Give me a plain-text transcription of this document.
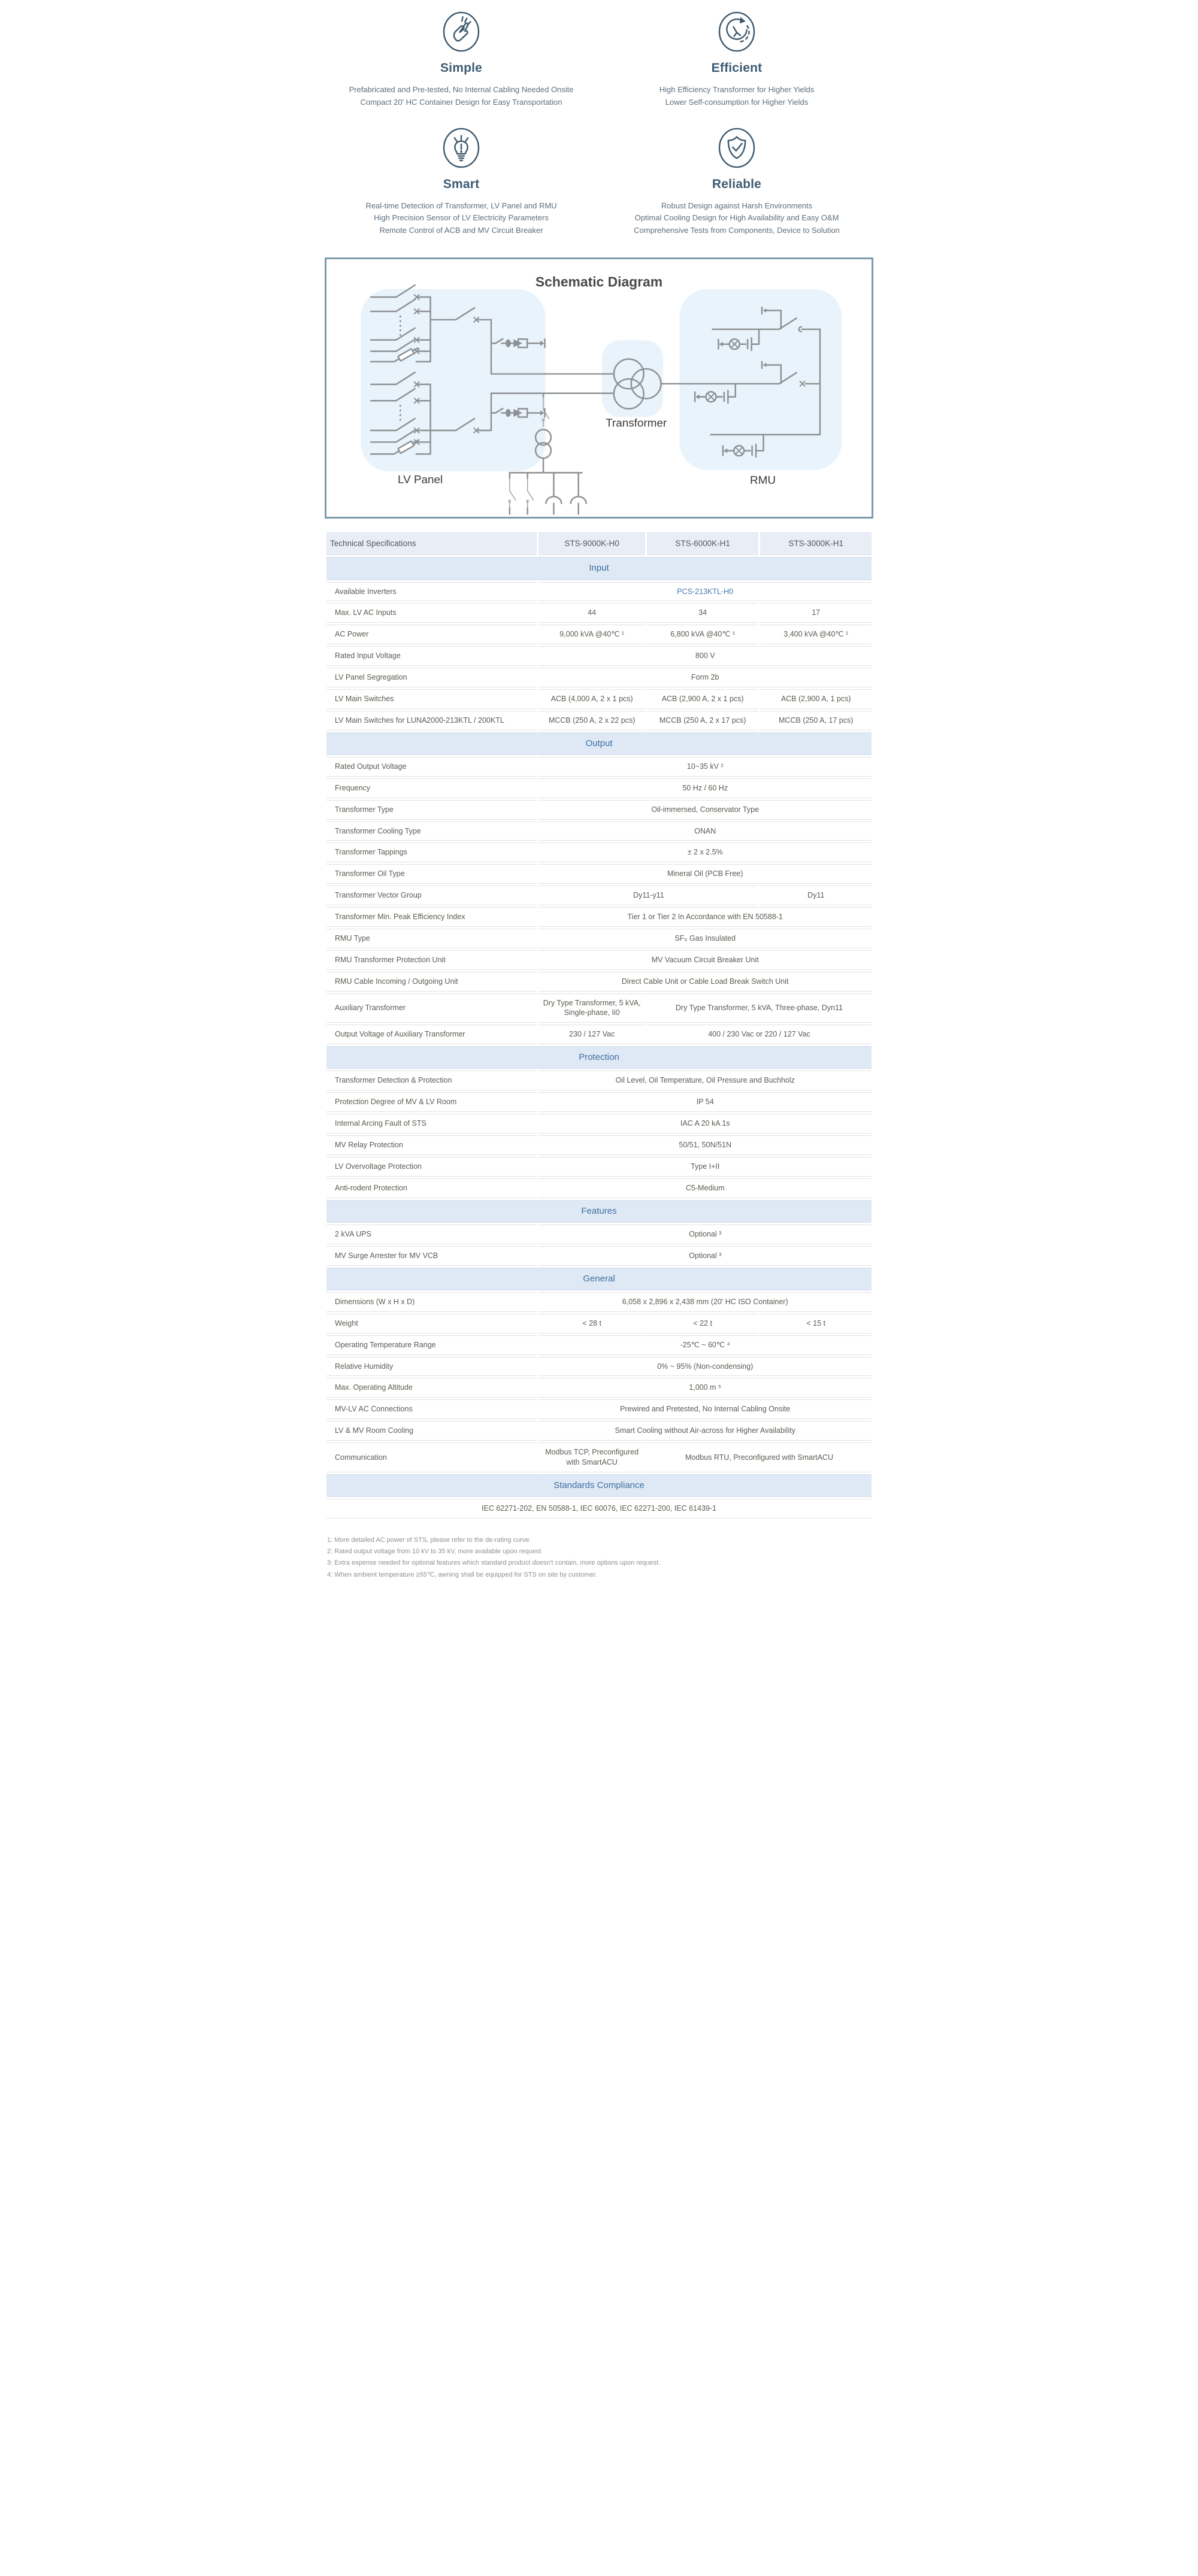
Simple
Prefabricated and Pre-tested, No Internal Cabling Needed Onsite
Compact 20' HC Container Design for Easy Transportation
Efficient
High Efficiency Transformer for Higher Yields
Lower Self-consumption for Higher Yields
Smart
Real-time Detection of Transformer, LV Panel and RMU
High Precision Sensor of LV Electricity Parameters
Remote Control of ACB and MV Circuit Breaker
Reliable
Robust Design against Harsh Environments
Optimal Cooling Design for High Availability and Easy O&M
Comprehensive Tests from Components, Device to Solution
Schematic Diagram
LV Panel
Transformer
RMU
Technical Specifications	STS-9000K-H0	STS-6000K-H1	STS-3000K-H1
Input			
Available Inverters	PCS-213KTL-H0		
Max. LV AC Inputs	44	34	17
AC Power	9,000 kVA @40℃ ¹	6,800 kVA @40℃ ¹	3,400 kVA @40℃ ¹
Rated Input Voltage	800 V		
LV Panel Segregation	Form 2b		
LV Main Switches	ACB (4,000 A, 2 x 1 pcs)	ACB (2,900 A, 2 x 1 pcs)	ACB (2,900 A, 1 pcs)
LV Main Switches for LUNA2000-213KTL / 200KTL	MCCB (250 A, 2 x 22 pcs)	MCCB (250 A, 2 x 17 pcs)	MCCB (250 A, 17 pcs)
Output			
Rated Output Voltage	10~35 kV ²		
Frequency	50 Hz / 60 Hz		
Transformer Type	Oil-immersed, Conservator Type		
Transformer Cooling Type	ONAN		
Transformer Tappings	± 2 x 2.5%		
Transformer Oil Type	Mineral Oil (PCB Free)		
Transformer Vector Group	Dy11-y11		Dy11
Transformer Min. Peak Efficiency Index	Tier 1 or Tier 2 In Accordance with EN 50588-1		
RMU Type	SF₆ Gas Insulated		
RMU Transformer Protection Unit	MV Vacuum Circuit Breaker Unit		
RMU Cable Incoming / Outgoing Unit	Direct Cable Unit or Cable Load Break Switch Unit		
Auxiliary Transformer	Dry Type Transformer, 5 kVA, Single-phase, Ii0	Dry Type Transformer, 5 kVA, Three-phase, Dyn11	
Output Voltage of Auxiliary Transformer	230 / 127 Vac	400 / 230 Vac or 220 / 127 Vac	
Protection			
Transformer Detection & Protection	Oil Level, Oil Temperature, Oil Pressure and Buchholz		
Protection Degree of MV & LV Room	IP 54		
Internal Arcing Fault of STS	IAC A 20 kA 1s		
MV Relay Protection	50/51, 50N/51N		
LV Overvoltage Protection	Type I+II		
Anti-rodent Protection	C5-Medium		
Features			
2 kVA UPS	Optional ³		
MV Surge Arrester for MV VCB	Optional ³		
General			
Dimensions (W x H x D)	6,058 x 2,896 x 2,438 mm (20' HC ISO Container)		
Weight	< 28 t	< 22 t	< 15 t
Operating Temperature Range	-25℃ ~ 60℃ ⁴		
Relative Humidity	0% ~ 95% (Non-condensing)		
Max. Operating Altitude	1,000 m ⁵		
MV-LV AC Connections	Prewired and Pretested, No Internal Cabling Onsite		
LV & MV Room Cooling	Smart Cooling without Air-across for Higher Availability		
Communication	Modbus TCP, Preconfigured with SmartACU	Modbus RTU, Preconfigured with SmartACU	
Standards Compliance			
IEC 62271-202, EN 50588-1, IEC 60076, IEC 62271-200, IEC 61439-1			
1: More detailed AC power of STS, please refer to the de-rating curve.
2: Rated output voltage from 10 kV to 35 kV, more available upon request
3: Extra expense needed for optional features which standard product doesn't contain, more options upon request.
4: When ambient temperature ≥55℃, awning shall be equipped for STS on site by customer.
